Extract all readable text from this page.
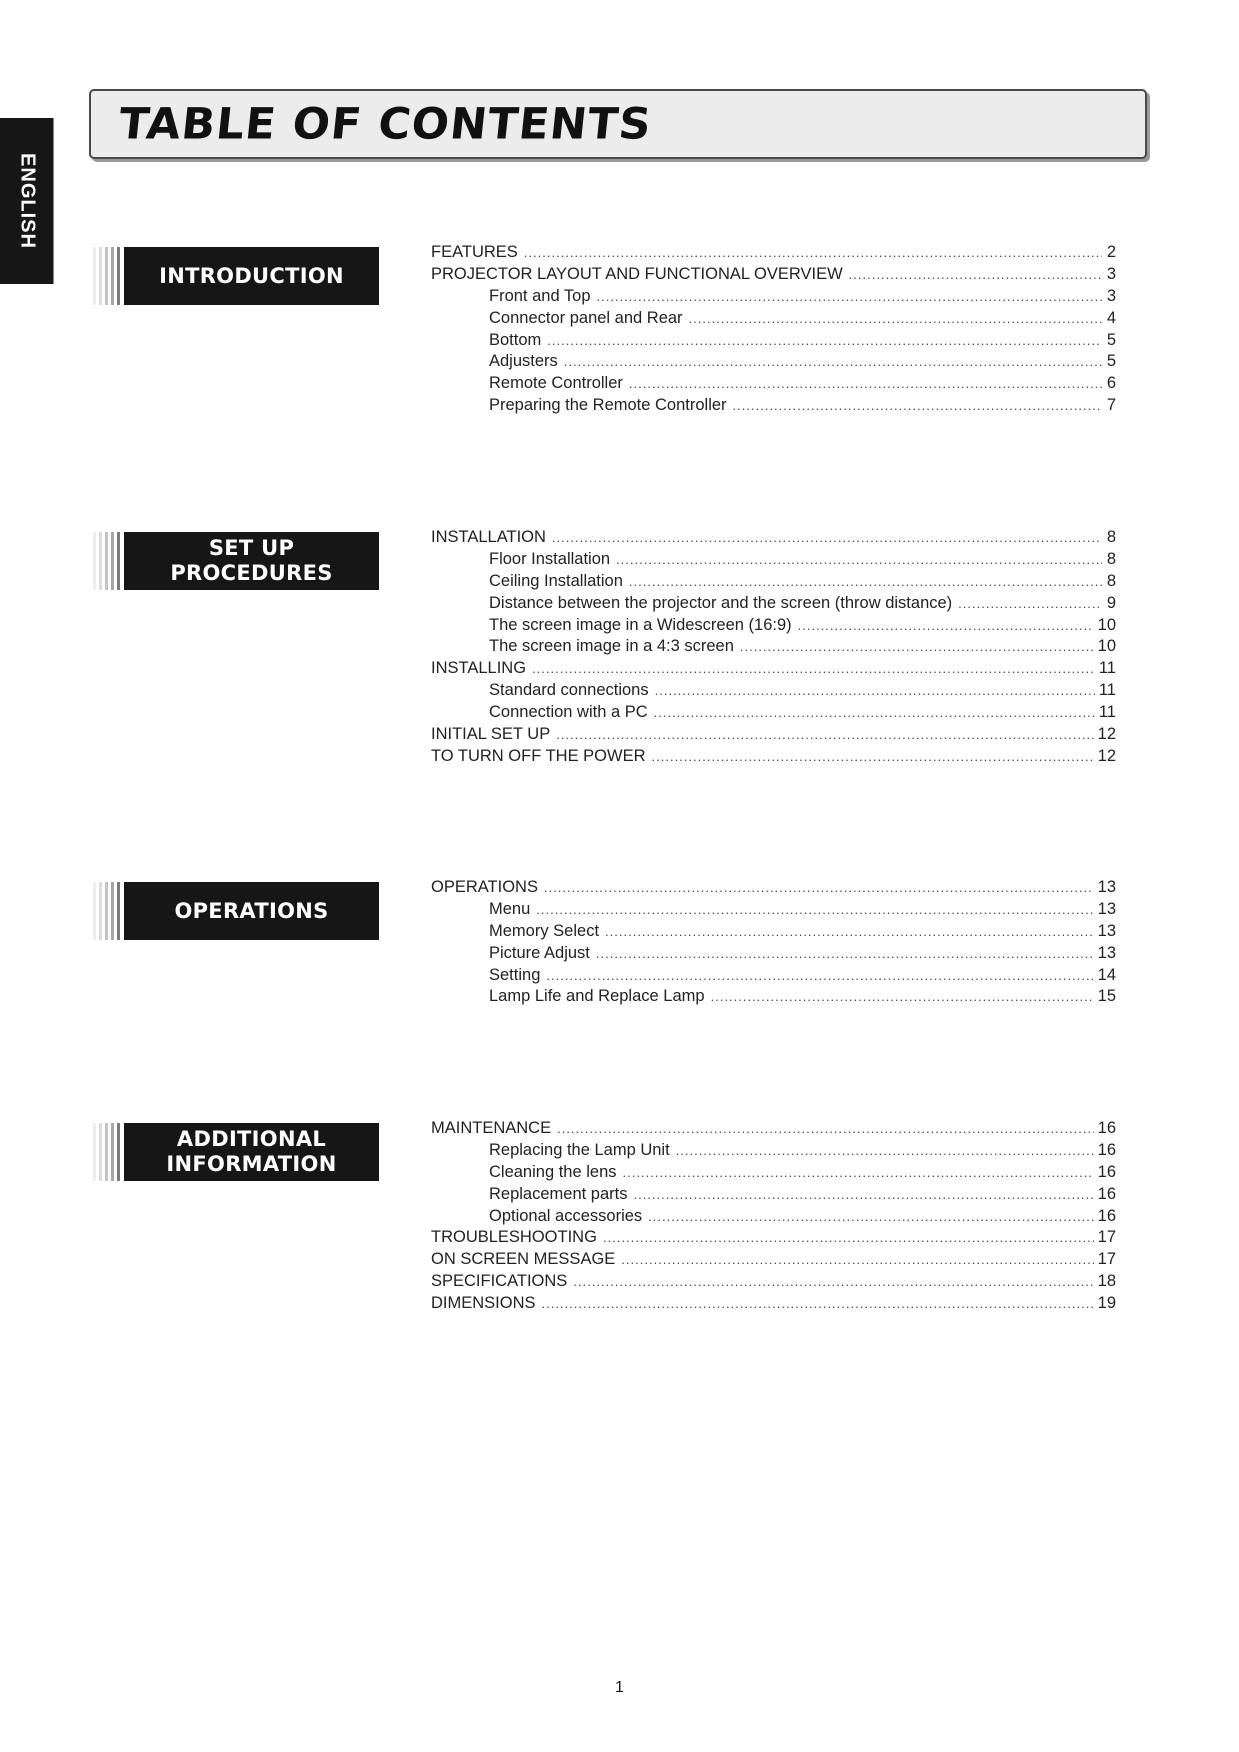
ENGLISH
TABLE OF CONTENTS
INTRODUCTION
FEATURES .....	2
PROJECTOR LAYOUT AND FUNCTIONAL OVERVIEW .....	3
Front and Top .....	3
Connector panel and Rear .....	4
Bottom .....	5
Adjusters .....	5
Remote Controller .....	6
Preparing the Remote Controller .....	7
SET UP PROCEDURES
INSTALLATION .....	8
Floor Installation .....	8
Ceiling Installation .....	8
Distance between the projector and the screen (throw distance) .....	9
The screen image in a Widescreen (16:9) .....	10
The screen image in a 4:3 screen .....	10
INSTALLING .....	11
Standard connections .....	11
Connection with a PC .....	11
INITIAL SET UP .....	12
TO TURN OFF THE POWER .....	12
OPERATIONS
OPERATIONS .....	13
Menu .....	13
Memory Select .....	13
Picture Adjust .....	13
Setting .....	14
Lamp Life and Replace Lamp .....	15
ADDITIONAL
INFORMATION
MAINTENANCE .....	16
Replacing the Lamp Unit .....	16
Cleaning the lens .....	16
Replacement parts .....	16
Optional accessories .....	16
TROUBLESHOOTING .....	17
ON SCREEN MESSAGE .....	17
SPECIFICATIONS .....	18
DIMENSIONS .....	19
1
